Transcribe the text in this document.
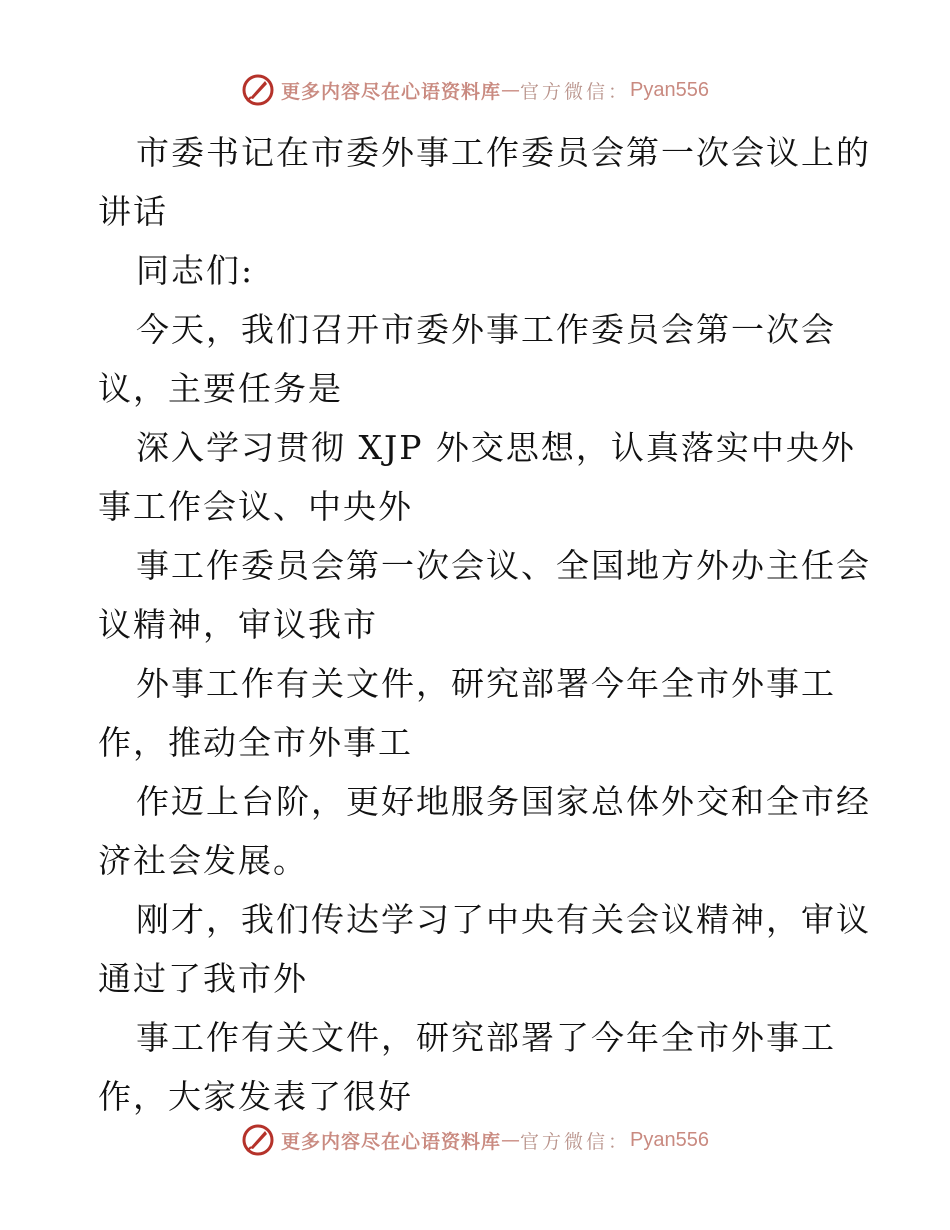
更多内容尽在心语资料库 — 官方微信： Pyan556
市委书记在市委外事工作委员会第一次会议上的
讲话
同志们:
今天，我们召开市委外事工作委员会第一次会
议，主要任务是
深入学习贯彻 XJP 外交思想，认真落实中央外
事工作会议、中央外
事工作委员会第一次会议、全国地方外办主任会
议精神，审议我市
外事工作有关文件，研究部署今年全市外事工
作，推动全市外事工
作迈上台阶，更好地服务国家总体外交和全市经
济社会发展。
刚才，我们传达学习了中央有关会议精神，审议
通过了我市外
事工作有关文件，研究部署了今年全市外事工
作，大家发表了很好
更多内容尽在心语资料库 — 官方微信： Pyan556
